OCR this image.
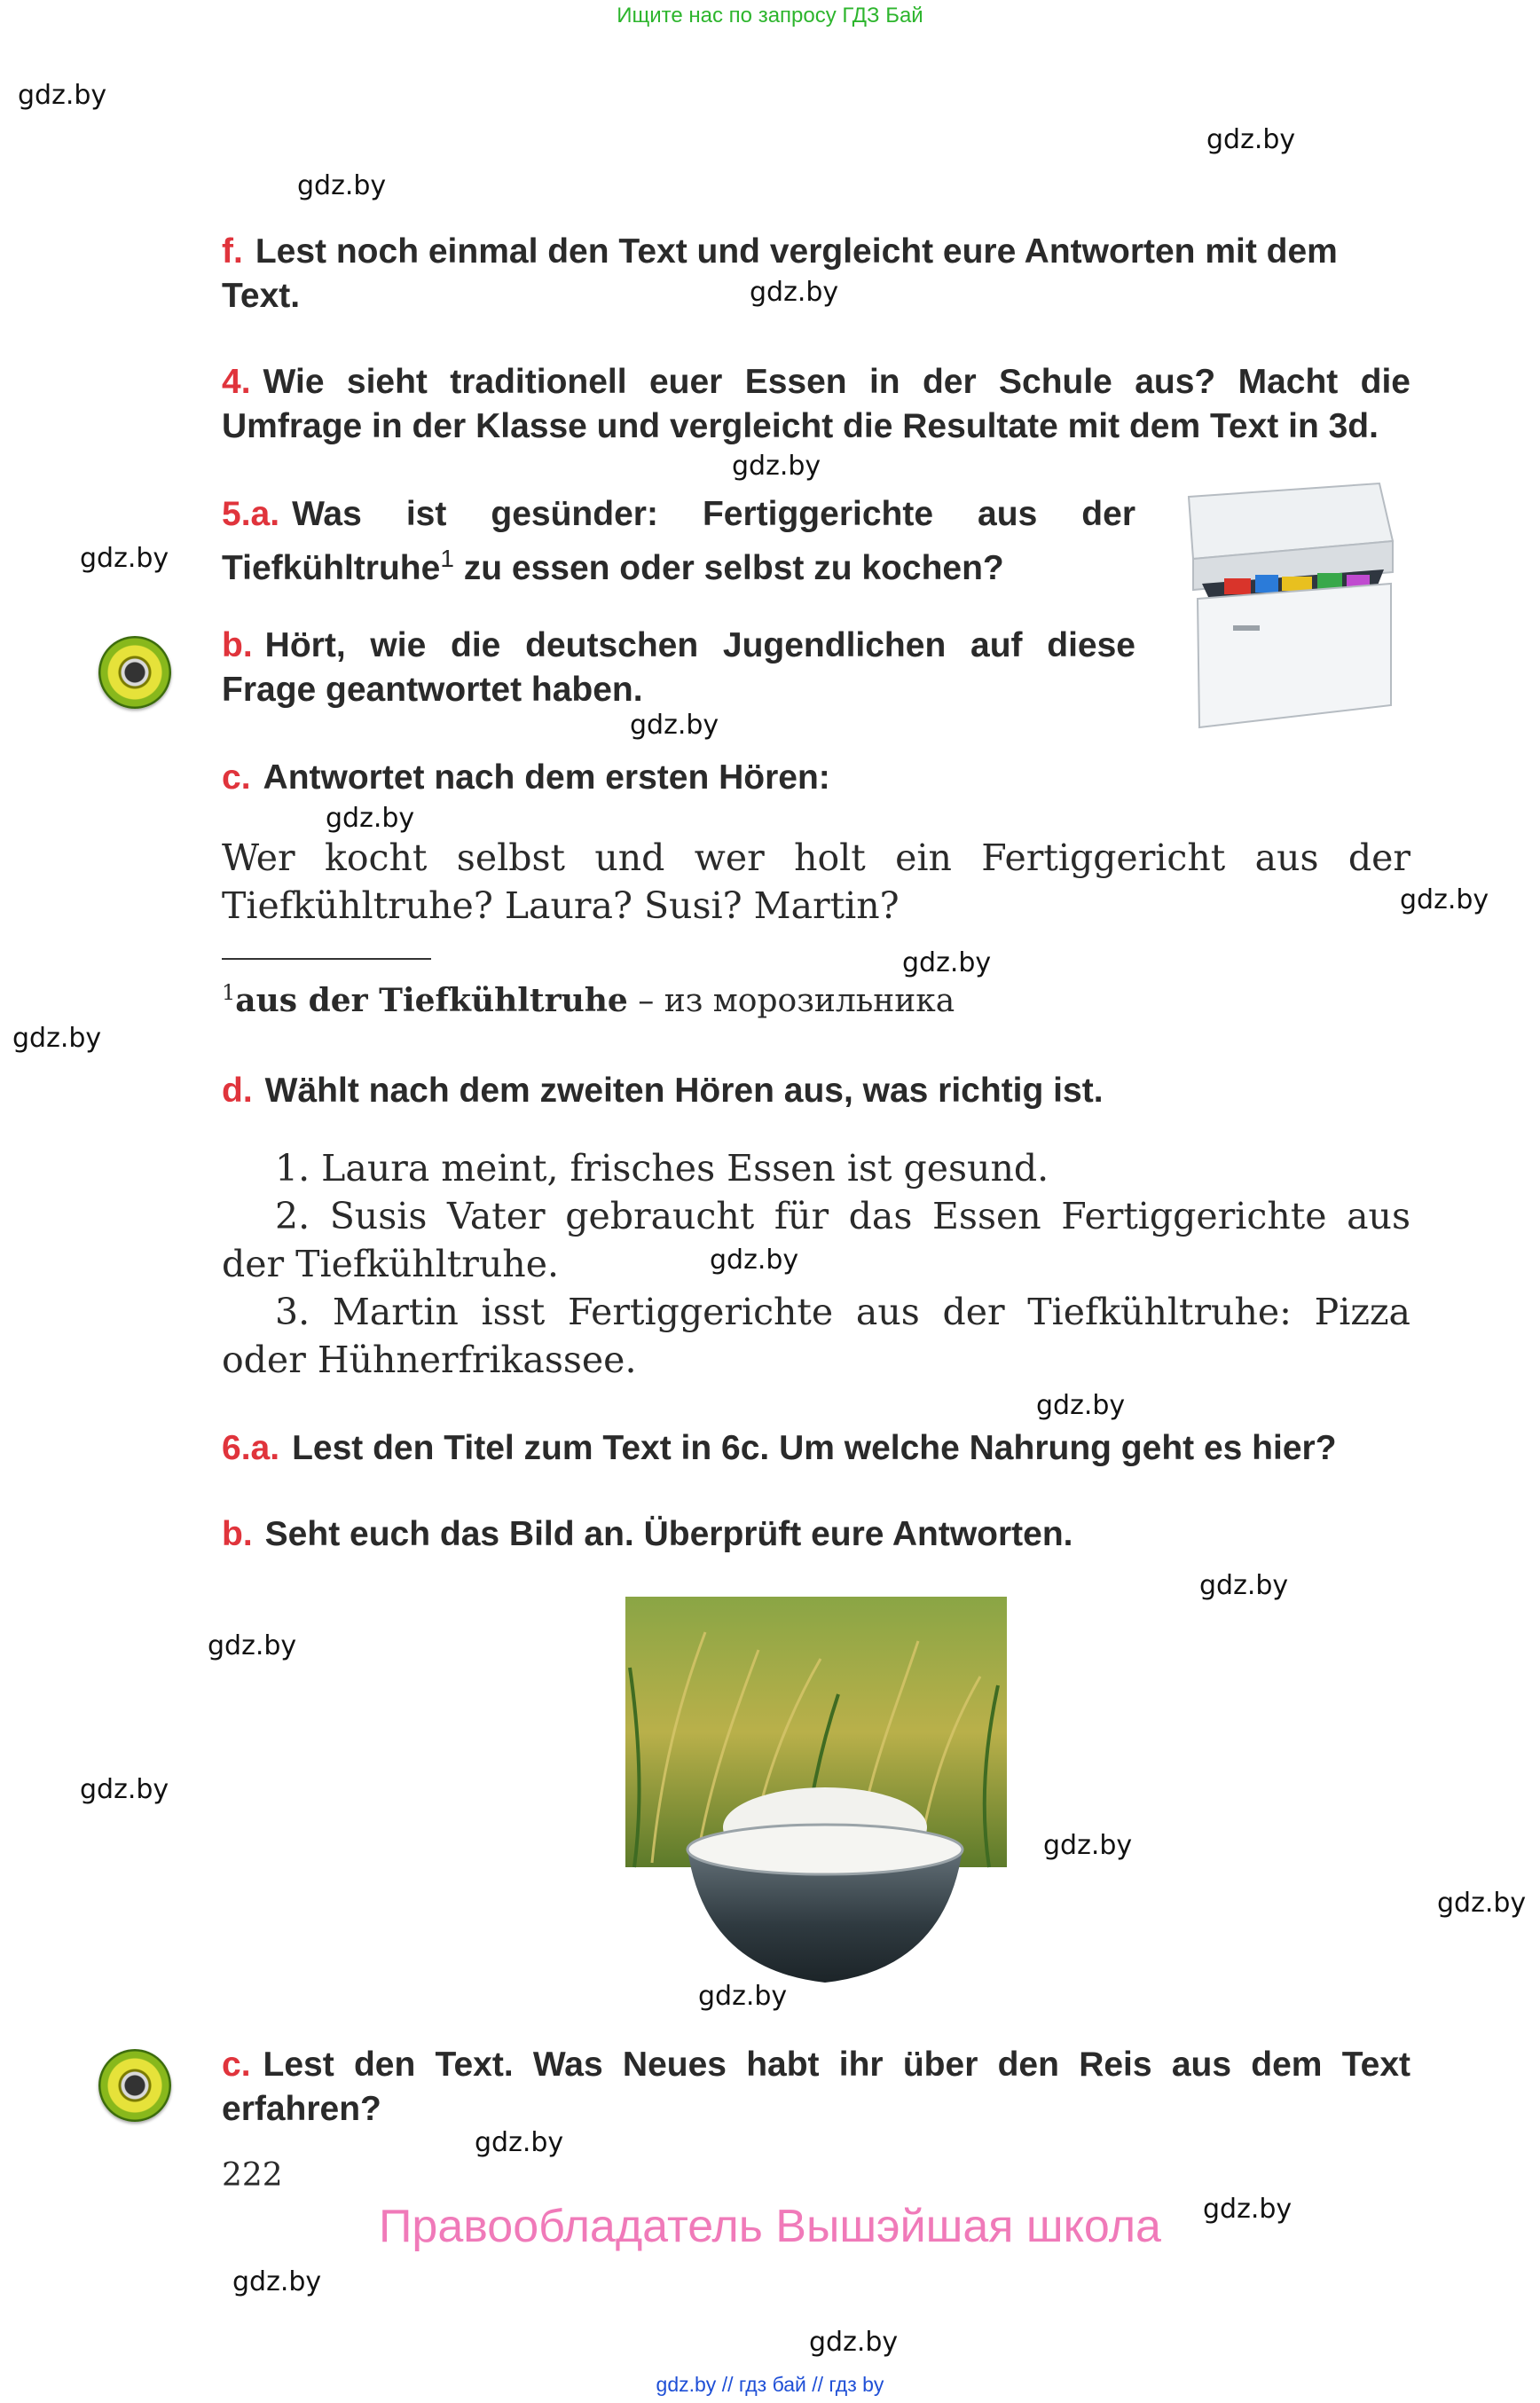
Ищите нас по запросу ГДЗ Бай
gdz.by
gdz.by
gdz.by
gdz.by
gdz.by
gdz.by
gdz.by
gdz.by
gdz.by
gdz.by
gdz.by
gdz.by
gdz.by
gdz.by
gdz.by
gdz.by
gdz.by
gdz.by
gdz.by
gdz.by
gdz.by
gdz.by
gdz.by
f. Lest noch einmal den Text und vergleicht eure Antworten mit dem Text.
4. Wie sieht traditionell euer Essen in der Schule aus? Macht die Umfrage in der Klasse und vergleicht die Resultate mit dem Text in 3d.
5.a. Was ist gesünder: Fertiggerichte aus der Tiefkühltruhe$^1$ zu essen oder selbst zu kochen?
b. Hört, wie die deutschen Jugendlichen auf diese Frage geantwortet haben.
c. Antwortet nach dem ersten Hören:
Wer kocht selbst und wer holt ein Fertiggericht aus der Tiefkühltruhe? Laura? Susi? Martin?
$^1$aus der Tiefkühltruhe – из морозильника
d. Wählt nach dem zweiten Hören aus, was richtig ist.
1. Laura meint, frisches Essen ist gesund.
2. Susis Vater gebraucht für das Essen Fertiggerichte aus der Tiefkühltruhe.
3. Martin isst Fertiggerichte aus der Tiefkühltruhe: Pizza oder Hühnerfrikassee.
6.a. Lest den Titel zum Text in 6c. Um welche Nahrung geht es hier?
b. Seht euch das Bild an. Überprüft eure Antworten.
c. Lest den Text. Was Neues habt ihr über den Reis aus dem Text erfahren?
222
Правообладатель Вышэйшая школа
gdz.by // гдз бай // гдз by
